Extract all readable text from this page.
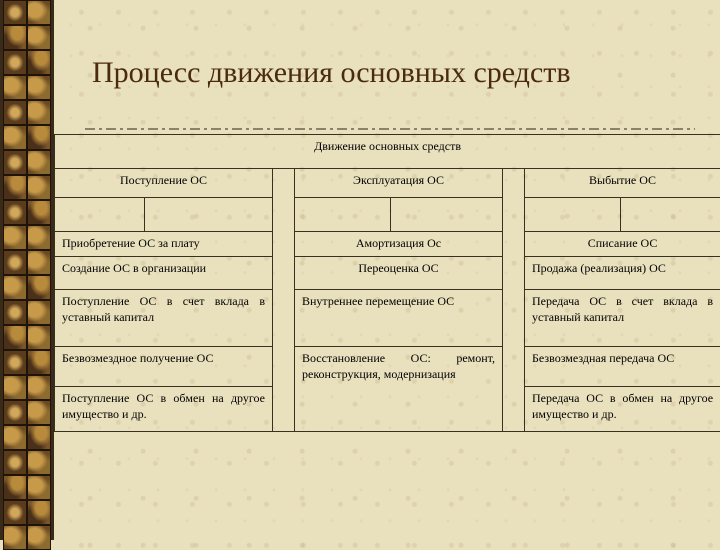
Процесс движения основных средств
Движение основных средств							
Поступление ОС			Эксплуатация ОС			Выбытие ОС	

Приобретение ОС за плату			Амортизация Ос			Списание ОС	
Создание ОС в организации			Переоценка ОС			Продажа (реализация) ОС	
Поступление ОС в счет вклада в уставный капитал			Внутреннее перемещение ОС			Передача ОС в счет вклада в уставный капитал	
Безвозмездное получение ОС			Восстановление ОС: ремонт, реконструкция, модернизация			Безвозмездная передача ОС	
Поступление ОС в обмен на другое имущество и др.						Передача ОС в обмен на другое имущество и др.	
